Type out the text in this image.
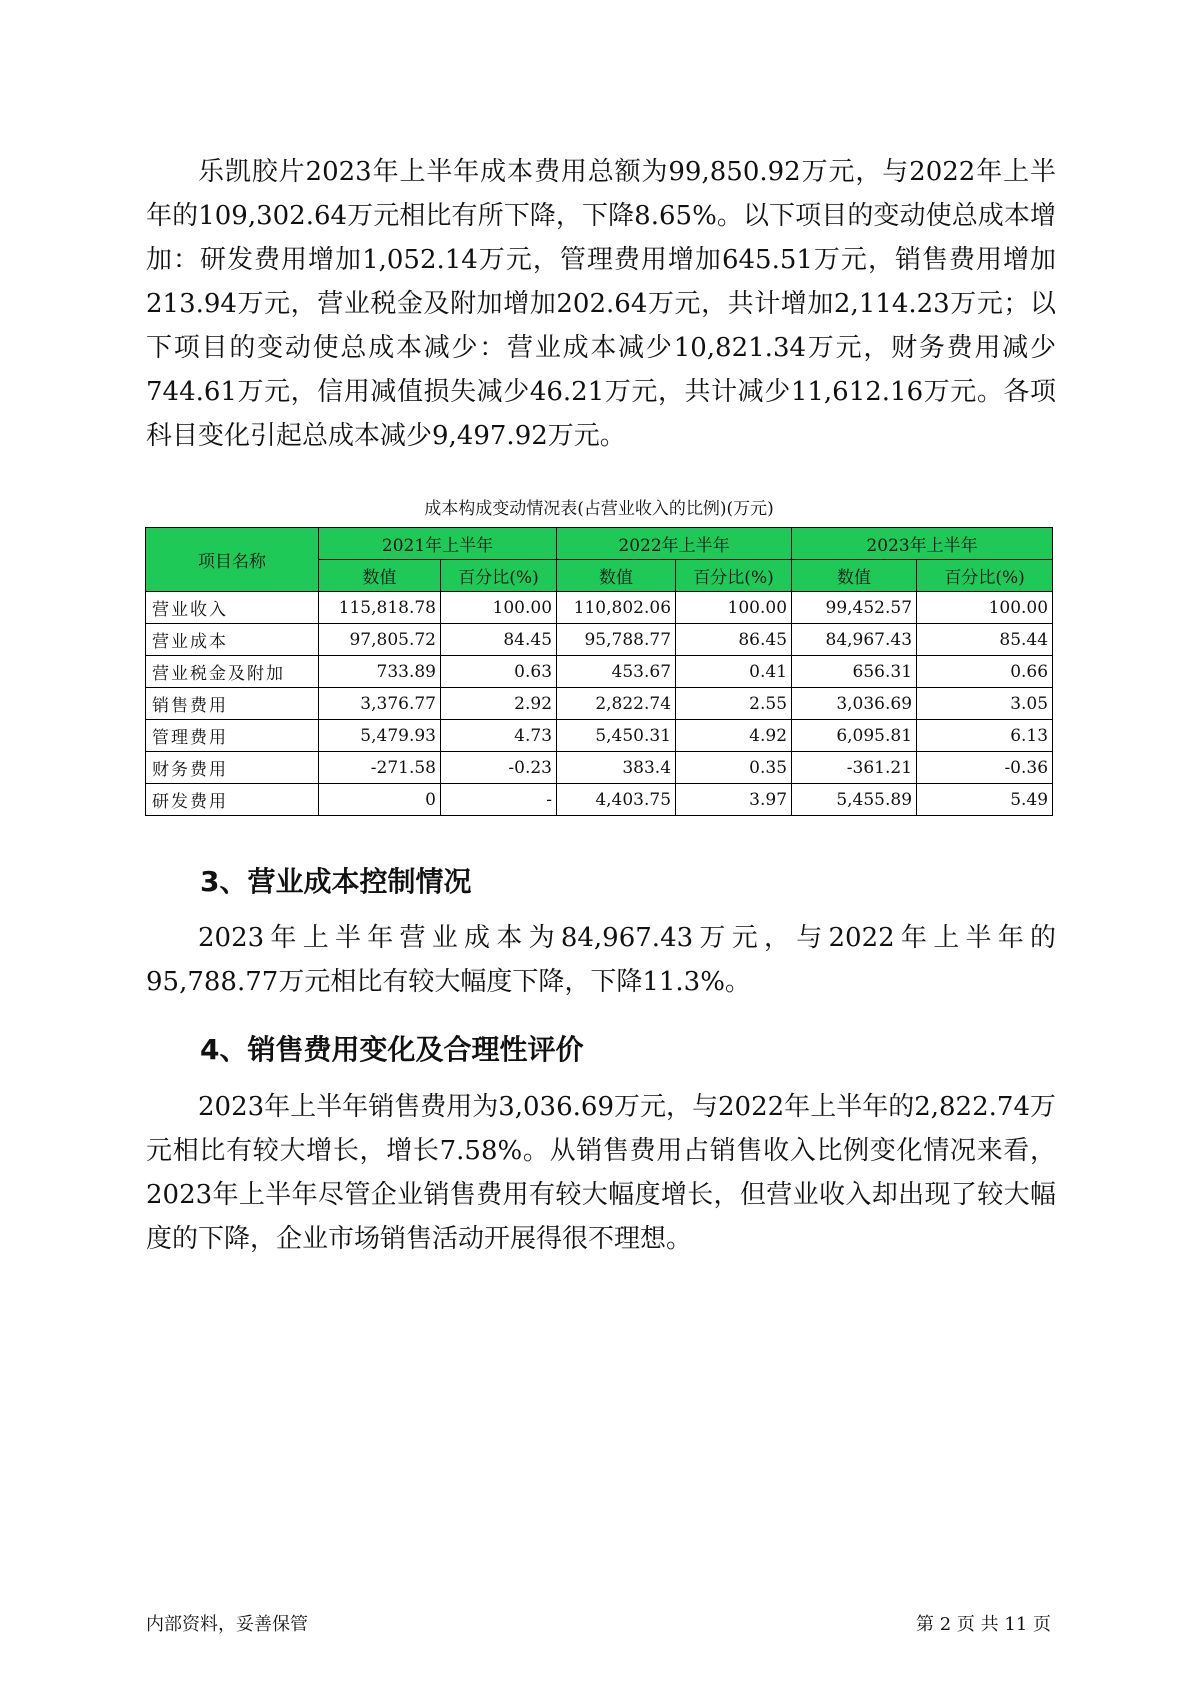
乐凯胶片2023年上半年成本费用总额为99,850.92万元，与2022年上半年的109,302.64万元相比有所下降，下降8.65%。以下项目的变动使总成本增加：研发费用增加1,052.14万元，管理费用增加645.51万元，销售费用增加213.94万元，营业税金及附加增加202.64万元，共计增加2,114.23万元；以下项目的变动使总成本减少：营业成本减少10,821.34万元，财务费用减少744.61万元，信用减值损失减少46.21万元，共计减少11,612.16万元。各项科目变化引起总成本减少9,497.92万元。

成本构成变动情况表(占营业收入的比例)(万元)
项目名称	2021年上半年		2022年上半年		2023年上半年	
	数值	百分比(%)	数值	百分比(%)	数值	百分比(%)
营业收入	115,818.78	100.00	110,802.06	100.00	99,452.57	100.00
营业成本	97,805.72	84.45	95,788.77	86.45	84,967.43	85.44
营业税金及附加	733.89	0.63	453.67	0.41	656.31	0.66
销售费用	3,376.77	2.92	2,822.74	2.55	3,036.69	3.05
管理费用	5,479.93	4.73	5,450.31	4.92	6,095.81	6.13
财务费用	-271.58	-0.23	383.4	0.35	-361.21	-0.36
研发费用	0	-	4,403.75	3.97	5,455.89	5.49
3、营业成本控制情况

2023年上半年营业成本为84,967.43万元，与2022年上半年的95,788.77万元相比有较大幅度下降，下降11.3%。

4、销售费用变化及合理性评价

2023年上半年销售费用为3,036.69万元，与2022年上半年的2,822.74万元相比有较大增长，增长7.58%。从销售费用占销售收入比例变化情况来看，2023年上半年尽管企业销售费用有较大幅度增长，但营业收入却出现了较大幅度的下降，企业市场销售活动开展得很不理想。

内部资料，妥善保管	第 2 页 共 11 页
